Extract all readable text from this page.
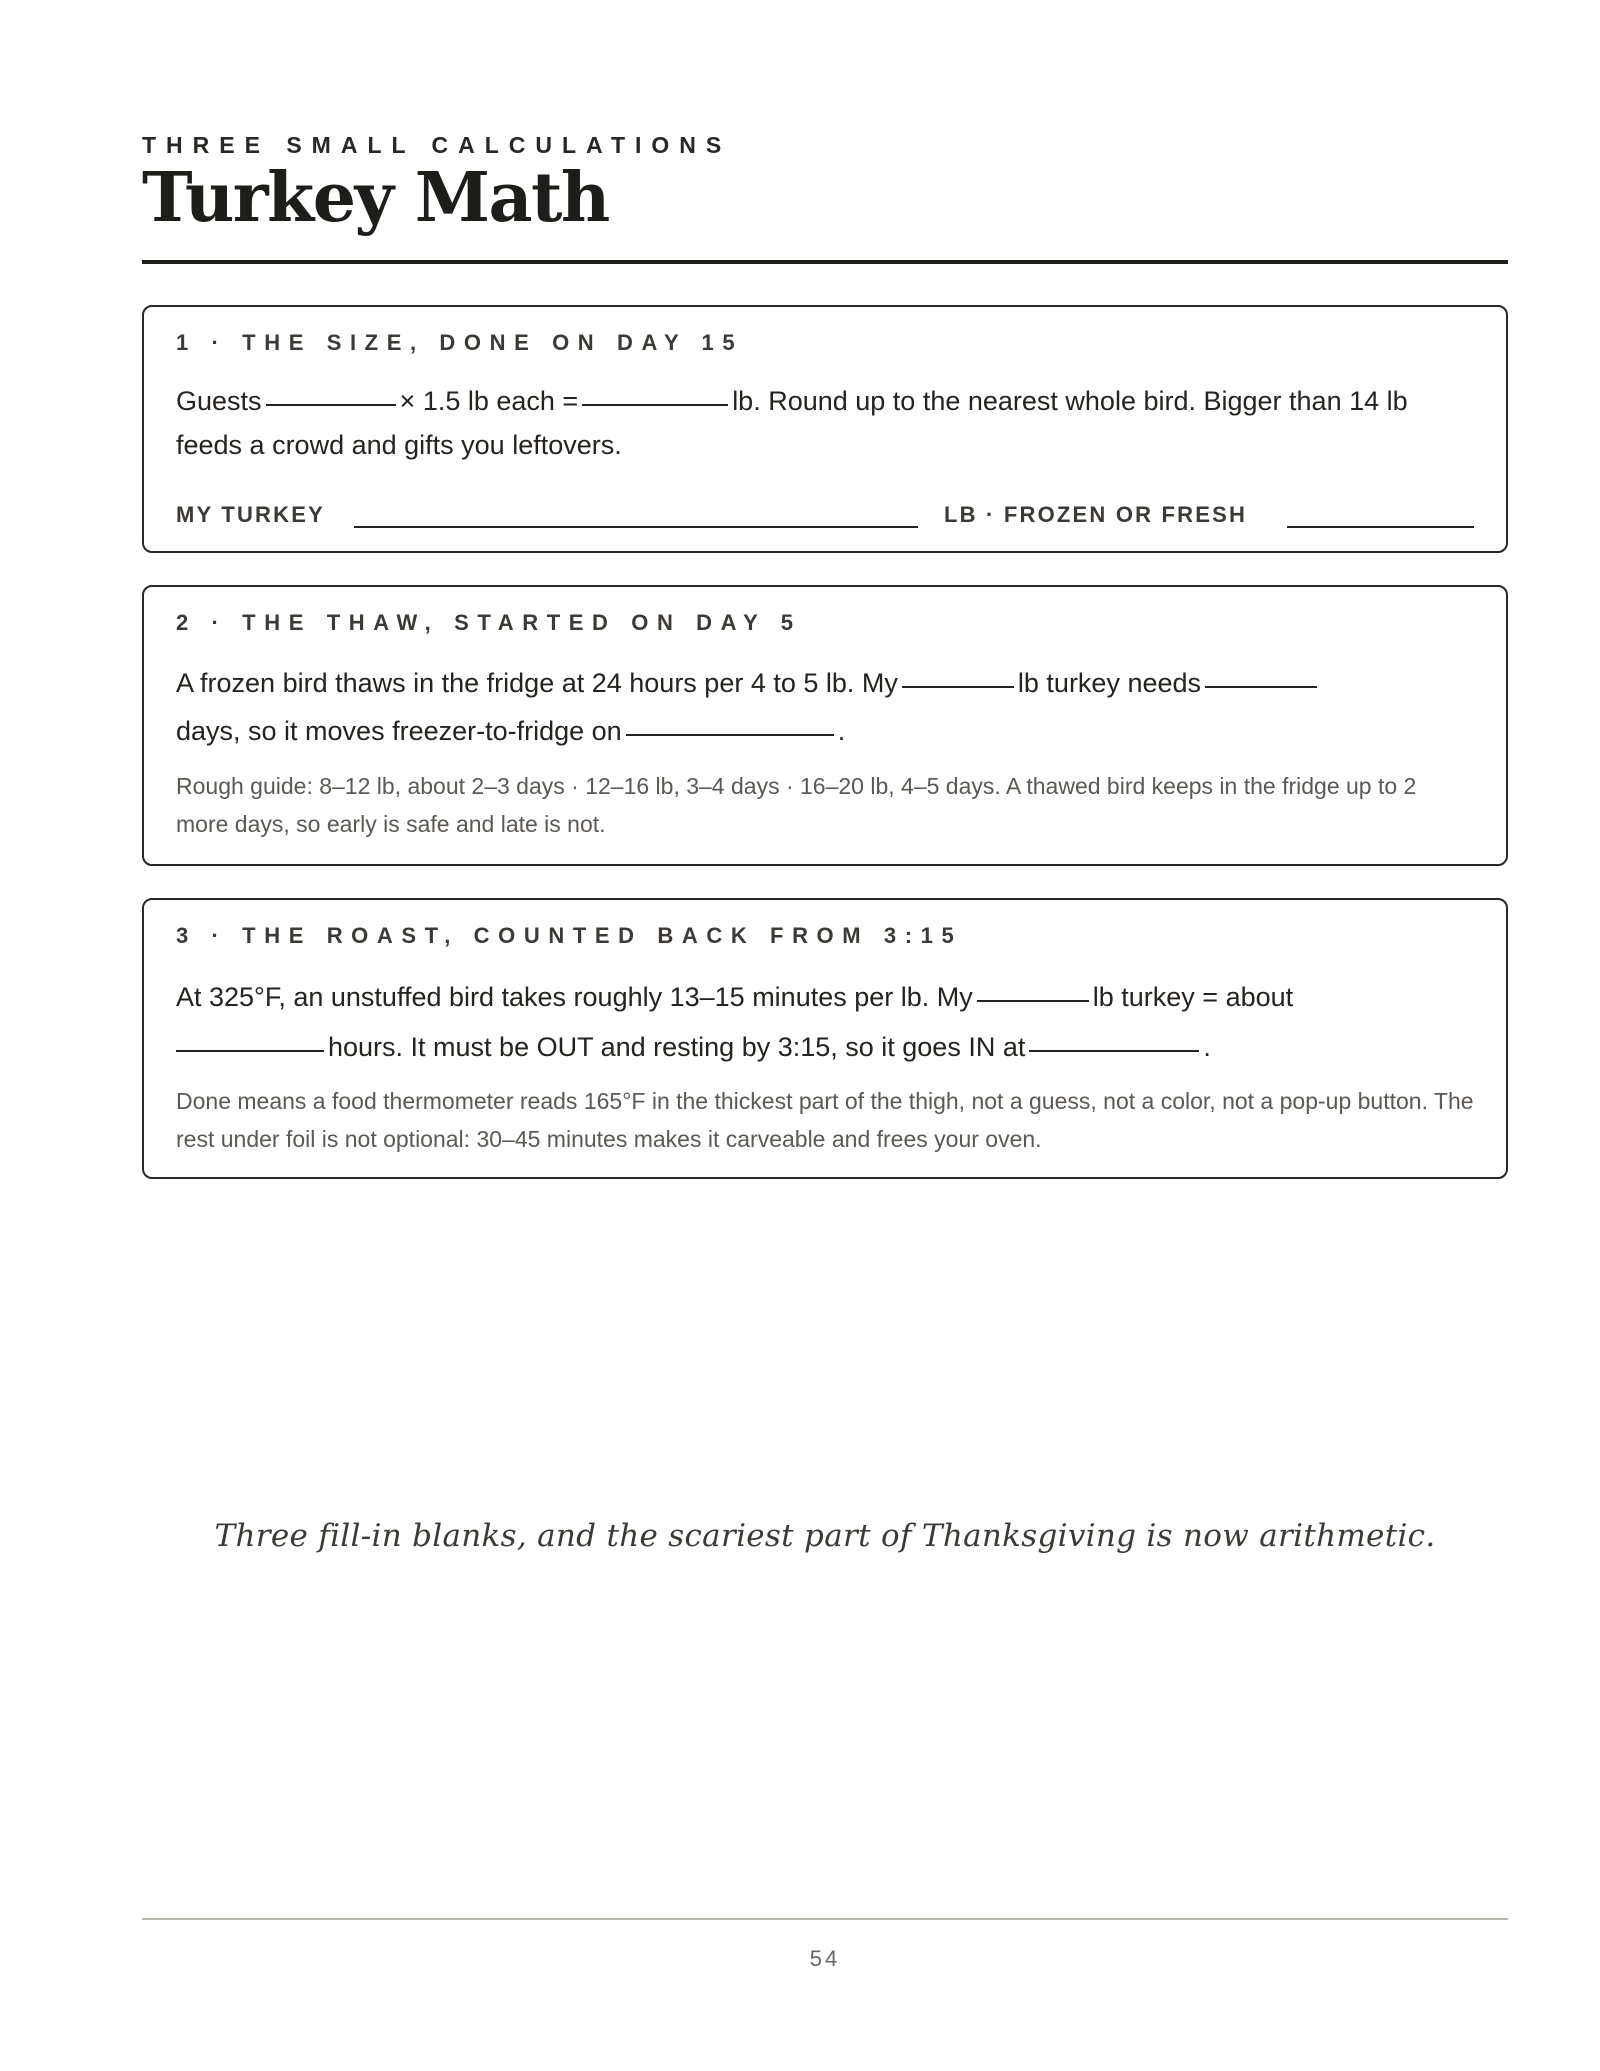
THREE SMALL CALCULATIONS
Turkey Math
1 · THE SIZE, DONE ON DAY 15
Guests	× 1.5 lb each =	lb. Round up to the nearest whole bird. Bigger than 14 lb feeds a crowd and gifts you leftovers.
MY TURKEY	LB · FROZEN OR FRESH
2 · THE THAW, STARTED ON DAY 5
A frozen bird thaws in the fridge at 24 hours per 4 to 5 lb. My	lb turkey needs
days, so it moves freezer-to-fridge on	.
Rough guide: 8–12 lb, about 2–3 days · 12–16 lb, 3–4 days · 16–20 lb, 4–5 days. A thawed bird keeps in the fridge up to 2 more days, so early is safe and late is not.
3 · THE ROAST, COUNTED BACK FROM 3:15
At 325°F, an unstuffed bird takes roughly 13–15 minutes per lb. My	lb turkey = about
hours. It must be OUT and resting by 3:15, so it goes IN at	.
Done means a food thermometer reads 165°F in the thickest part of the thigh, not a guess, not a color, not a pop-up button. The rest under foil is not optional: 30–45 minutes makes it carveable and frees your oven.
Three fill-in blanks, and the scariest part of Thanksgiving is now arithmetic.
54
